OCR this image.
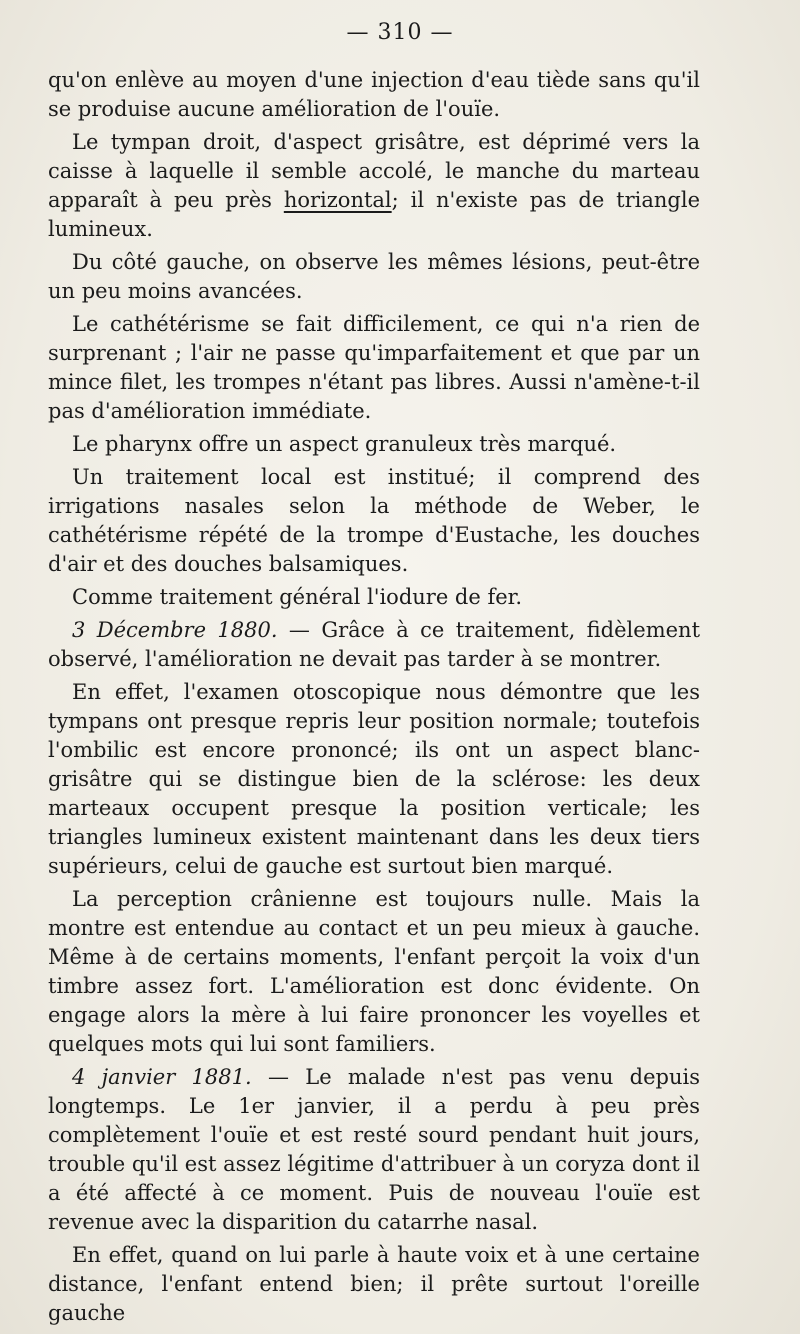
— 310 —

qu'on enlève au moyen d'une injection d'eau tiède sans qu'il se produise aucune amélioration de l'ouïe.

Le tympan droit, d'aspect grisâtre, est déprimé vers la caisse à laquelle il semble accolé, le manche du marteau apparaît à peu près horizontal; il n'existe pas de triangle lumineux.

Du côté gauche, on observe les mêmes lésions, peut-être un peu moins avancées.

Le cathétérisme se fait difficilement, ce qui n'a rien de surprenant ; l'air ne passe qu'imparfaitement et que par un mince filet, les trompes n'étant pas libres. Aussi n'amène-t-il pas d'amélioration immédiate.

Le pharynx offre un aspect granuleux très marqué.

Un traitement local est institué; il comprend des irrigations nasales selon la méthode de Weber, le cathétérisme répété de la trompe d'Eustache, les douches d'air et des douches balsamiques.

Comme traitement général l'iodure de fer.

3 Décembre 1880. — Grâce à ce traitement, fidèlement observé, l'amélioration ne devait pas tarder à se montrer.

En effet, l'examen otoscopique nous démontre que les tympans ont presque repris leur position normale; toutefois l'ombilic est encore prononcé; ils ont un aspect blanc-grisâtre qui se distingue bien de la sclérose: les deux marteaux occupent presque la position verticale; les triangles lumineux existent maintenant dans les deux tiers supérieurs, celui de gauche est surtout bien marqué.

La perception crânienne est toujours nulle. Mais la montre est entendue au contact et un peu mieux à gauche. Même à de certains moments, l'enfant perçoit la voix d'un timbre assez fort. L'amélioration est donc évidente. On engage alors la mère à lui faire prononcer les voyelles et quelques mots qui lui sont familiers.

4 janvier 1881. — Le malade n'est pas venu depuis longtemps. Le 1er janvier, il a perdu à peu près complètement l'ouïe et est resté sourd pendant huit jours, trouble qu'il est assez légitime d'attribuer à un coryza dont il a été affecté à ce moment. Puis de nouveau l'ouïe est revenue avec la disparition du catarrhe nasal.

En effet, quand on lui parle à haute voix et à une certaine distance, l'enfant entend bien; il prête surtout l'oreille gauche
